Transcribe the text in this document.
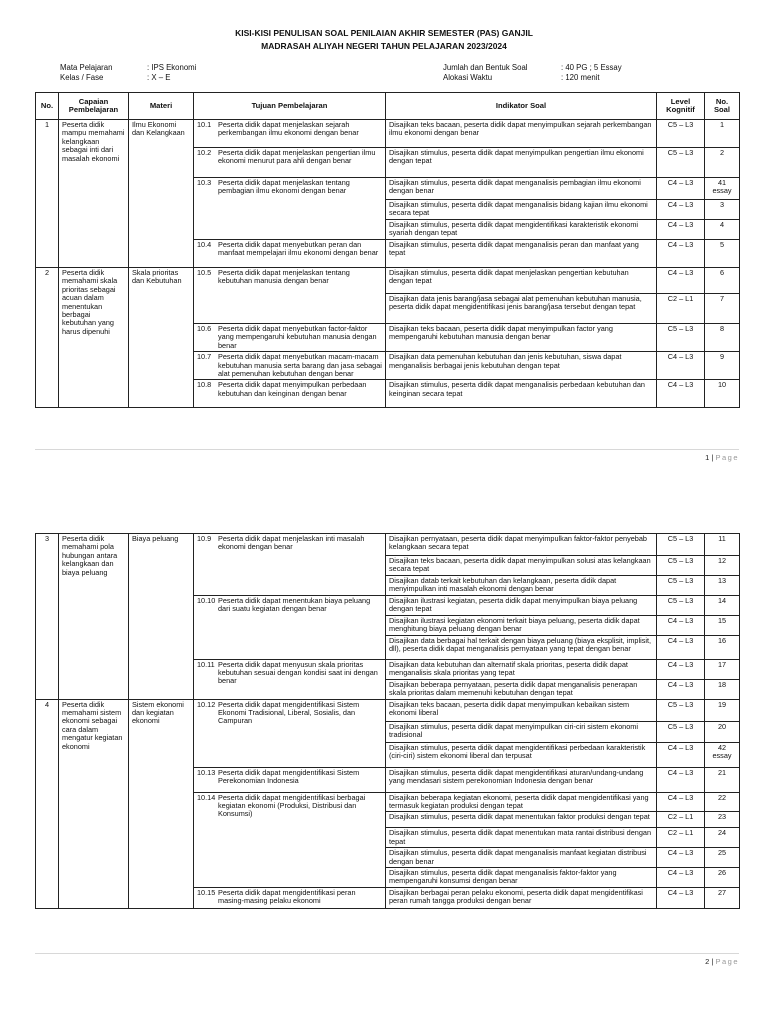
KISI-KISI PENULISAN SOAL PENILAIAN AKHIR SEMESTER (PAS) GANJIL
MADRASAH ALIYAH NEGERI TAHUN PELAJARAN 2023/2024
Mata Pelajaran	: IPS Ekonomi
Kelas / Fase	: X – E
Jumlah dan Bentuk Soal	: 40 PG ; 5 Essay
Alokasi Waktu	: 120 menit
No.	Capaian Pembelajaran	Materi	Tujuan Pembelajaran	Indikator Soal	Level Kognitif	No. Soal
1	Peserta didik mampu memahami kelangkaan sebagai inti dari masalah ekonomi	Ilmu Ekonomi dan Kelangkaan	10.1 Peserta didik dapat menjelaskan sejarah perkembangan ilmu ekonomi dengan benar	Disajikan teks bacaan, peserta didik dapat menyimpulkan sejarah perkembangan ilmu ekonomi dengan benar	C5 – L3	1

			10.2 Peserta didik dapat menjelaskan pengertian ilmu ekonomi menurut para ahli dengan benar	Disajikan stimulus, peserta didik dapat menyimpulkan pengertian ilmu ekonomi dengan tepat	C5 – L3	2

			10.3 Peserta didik dapat menjelaskan tentang pembagian ilmu ekonomi dengan benar	Disajikan stimulus, peserta didik dapat menganalisis pembagian ilmu ekonomi dengan benar	C4 – L3	41 essay
				Disajikan stimulus, peserta didik dapat menganalisis bidang kajian ilmu ekonomi secara tepat	C4 – L3	3
				Disajikan stimulus, peserta didik dapat mengidentifikasi karakteristik ekonomi syariah dengan tepat	C4 – L3	4

			10.4 Peserta didik dapat menyebutkan peran dan manfaat mempelajari ilmu ekonomi dengan benar	Disajikan stimulus, peserta didik dapat menganalisis peran dan manfaat yang tepat	C4 – L3	5
2	Peserta didik memahami skala prioritas sebagai acuan dalam menentukan berbagai kebutuhan yang harus dipenuhi	Skala prioritas dan Kebutuhan	10.5 Peserta didik dapat menjelaskan tentang kebutuhan manusia dengan benar	Disajikan stimulus, peserta didik dapat menjelaskan pengertian kebutuhan dengan tepat	C4 – L3	6
				Disajikan data jenis barang/jasa sebagai alat pemenuhan kebutuhan manusia, peserta didik dapat mengidentifikasi jenis barang/jasa tersebut dengan tepat	C2 – L1	7

			10.6 Peserta didik dapat menyebutkan factor-faktor yang mempengaruhi kebutuhan manusia dengan benar	Disajikan teks bacaan, peserta didik dapat menyimpulkan factor yang mempengaruhi kebutuhan manusia dengan benar	C5 – L3	8

			10.7 Peserta didik dapat menyebutkan macam-macam kebutuhan manusia serta barang dan jasa sebagai alat pemenuhan kebutuhan dengan benar	Disajikan data pemenuhan kebutuhan dan jenis kebutuhan, siswa dapat menganalisis berbagai jenis kebutuhan dengan tepat	C4 – L3	9

			10.8 Peserta didik dapat menyimpulkan perbedaan kebutuhan dan keinginan dengan benar	Disajikan stimulus, peserta didik dapat menganalisis perbedaan kebutuhan dan keinginan secara tepat	C4 – L3	10
1 | Page
3	Peserta didik memahami pola hubungan antara kelangkaan dan biaya peluang	Biaya peluang	10.9 Peserta didik dapat menjelaskan inti masalah ekonomi dengan benar	Disajikan pernyataan, peserta didik dapat menyimpulkan faktor-faktor penyebab kelangkaan secara tepat	C5 – L3	11
				Disajikan teks bacaan, peserta didik dapat menyimpulkan solusi atas kelangkaan secara tepat	C5 – L3	12
				Disajikan datab terkait kebutuhan dan kelangkaan, peserta didik dapat menyimpulkan inti masalah ekonomi dengan benar	C5 – L3	13

			10.10 Peserta didik dapat menentukan biaya peluang dari suatu kegiatan dengan benar	Disajikan ilustrasi kegiatan, peserta didik dapat menyimpulkan biaya peluang dengan tepat	C5 – L3	14
				Disajikan ilustrasi kegiatan ekonomi terkait biaya peluang, peserta didik dapat menghitung biaya peluang dengan benar	C4 – L3	15
				Disajikan data berbagai hal terkait dengan biaya peluang (biaya eksplisit, implisit, dll), peserta didik dapat menganalisis pernyataan yang tepat dengan benar	C4 – L3	16

			10.11 Peserta didik dapat menyusun skala prioritas kebutuhan sesuai dengan kondisi saat ini dengan benar	Disajikan data kebutuhan dan alternatif skala prioritas, peserta didik dapat menganalisis skala prioritas yang tepat	C4 – L3	17
				Disajikan beberapa pernyataan, peserta didik dapat menganalisis penerapan skala prioritas dalam memenuhi kebutuhan dengan tepat	C4 – L3	18
4	Peserta didik memahami sistem ekonomi sebagai cara dalam mengatur kegiatan ekonomi	Sistem ekonomi dan kegiatan ekonomi	10.12 Peserta didik dapat mengidentifikasi Sistem Ekonomi Tradisional, Liberal, Sosialis, dan Campuran	Disajikan teks bacaan, peserta didik dapat menyimpulkan kebaikan sistem ekonomi liberal	C5 – L3	19
				Disajikan stimulus, peserta didik dapat menyimpulkan ciri-ciri sistem ekonomi tradisional	C5 – L3	20
				Disajikan stimulus, peserta didik dapat mengidentifikasi perbedaan karakteristik (ciri-ciri) sistem ekonomi liberal dan terpusat	C4 – L3	42 essay

			10.13 Peserta didik dapat mengidentifikasi Sistem Perekonomian Indonesia	Disajikan stimulus, peserta didik dapat mengidentifikasi aturan/undang-undang yang mendasari sistem perekonomian Indonesia dengan benar	C4 – L3	21

			10.14 Peserta didik dapat mengidentifikasi berbagai kegiatan ekonomi (Produksi, Distribusi dan Konsumsi)	Disajikan beberapa kegiatan ekonomi, peserta didik dapat mengidentifikasi yang termasuk kegiatan produksi dengan tepat	C4 – L3	22
				Disajikan stimulus, peserta didik dapat menentukan faktor produksi dengan tepat	C2 – L1	23
				Disajikan stimulus, peserta didik dapat menentukan mata rantai distribusi dengan tepat	C2 – L1	24
				Disajikan stimulus, peserta didik dapat menganalisis manfaat kegiatan distribusi dengan benar	C4 – L3	25
				Disajikan stimulus, peserta didik dapat menganalisis faktor-faktor yang mempengaruhi konsumsi dengan benar	C4 – L3	26

			10.15 Peserta didik dapat mengidentifikasi peran masing-masing pelaku ekonomi	Disajikan berbagai peran pelaku ekonomi, peserta didik dapat mengidentifikasi peran rumah tangga produksi dengan benar	C4 – L3	27
2 | Page
